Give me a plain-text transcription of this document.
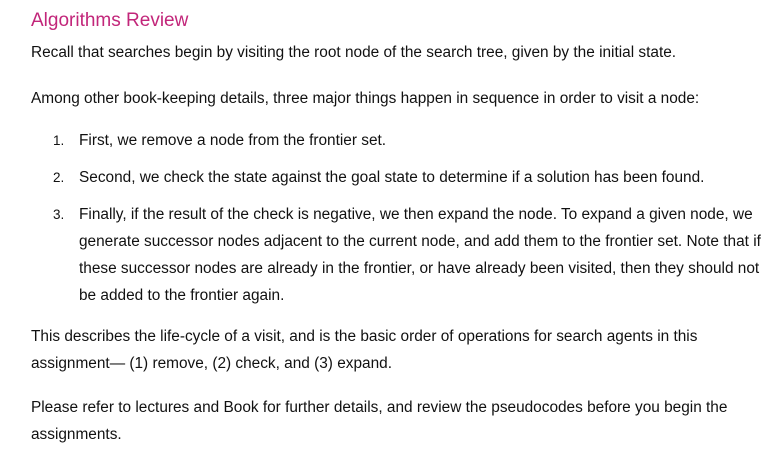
Algorithms Review

Recall that searches begin by visiting the root node of the search tree, given by the initial state.

Among other book-keeping details, three major things happen in sequence in order to visit a node:

1. First, we remove a node from the frontier set.
2. Second, we check the state against the goal state to determine if a solution has been found.
3. Finally, if the result of the check is negative, we then expand the node. To expand a given node, we generate successor nodes adjacent to the current node, and add them to the frontier set. Note that if these successor nodes are already in the frontier, or have already been visited, then they should not be added to the frontier again.

This describes the life-cycle of a visit, and is the basic order of operations for search agents in this assignment— (1) remove, (2) check, and (3) expand.

Please refer to lectures and Book for further details, and review the pseudocodes before you begin the assignments.
